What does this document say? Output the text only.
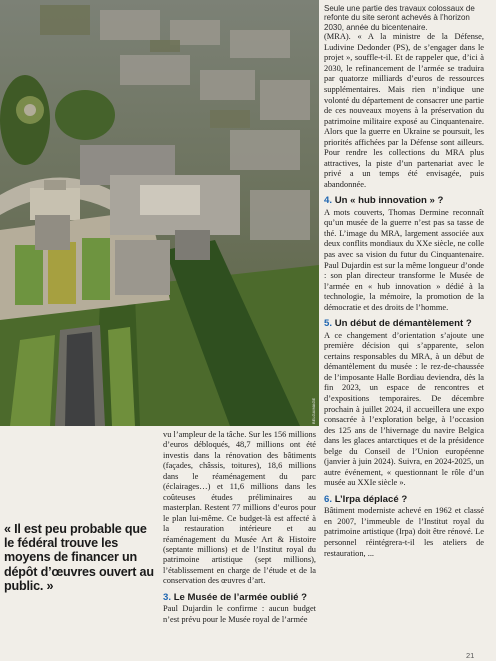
BELGAIMAGE

Seule une partie des travaux colossaux de refonte du site seront achevés à l’horizon 2030, année du bicentenaire.

(MRA). « A la ministre de la Défense, Ludivine Dedonder (PS), de s’engager dans le projet », souffle-t-il. Et de rappeler que, d’ici à 2030, le refinancement de l’armée se traduira par quatorze milliards d’euros de ressources supplémentaires. Mais rien n’indique une volonté du département de consacrer une partie de ces nouveaux moyens à la préservation du patrimoine militaire exposé au Cinquantenaire. Alors que la guerre en Ukraine se poursuit, les priorités affichées par la Défense sont ailleurs. Pour rendre les collections du MRA plus attractives, la piste d’un partenariat avec le privé a un temps été envisagée, puis abandonnée.

4. Un « hub innovation » ?

A mots couverts, Thomas Dermine reconnaît qu’un musée de la guerre n’est pas sa tasse de thé. L’image du MRA, largement associée aux deux conflits mondiaux du XXe siècle, ne colle pas avec sa vision du futur du Cinquantenaire. Paul Dujardin est sur la même longueur d’onde : son plan directeur transforme le Musée de l’armée en « hub innovation » dédié à la technologie, la mémoire, la promotion de la démocratie et des droits de l’homme.

5. Un début de démantèlement ?

A ce changement d’orientation s’ajoute une première décision qui s’apparente, selon certains responsables du MRA, à un début de démantèlement du musée : le rez-de-chaussée de l’imposante Halle Bordiau deviendra, dès la fin 2023, un espace de rencontres et d’expositions temporaires. De décembre prochain à juillet 2024, il accueillera une expo consacrée à l’exploration belge, à l’occasion des 125 ans de l’hivernage du navire Belgica dans les glaces antarctiques et de la présidence belge du Conseil de l’Union européenne (janvier à juin 2024). Suivra, en 2024-2025, un autre événement, « questionnant le rôle d’un musée au XXIe siècle ».

6. L’Irpa déplacé ?

Bâtiment moderniste achevé en 1962 et classé en 2007, l’immeuble de l’Institut royal du patrimoine artistique (Irpa) doit être rénové. Le personnel réintégrera-t-il les ateliers de restauration, ...

« Il est peu probable que le fédéral trouve les moyens de financer un dépôt d’œuvres ouvert au public. »

vu l’ampleur de la tâche. Sur les 156 millions d’euros débloqués, 48,7 millions ont été investis dans la rénovation des bâtiments (façades, châssis, toitures), 18,6 millions dans le réaménagement du parc (éclairages…) et 11,6 millions dans les coûteuses études préliminaires au masterplan. Restent 77 millions d’euros pour le plan lui-même. Ce budget-là est affecté à la restauration intérieure et au réaménagement du Musée Art & Histoire (septante millions) et de l’Institut royal du patrimoine artistique (sept millions), l’établissement en charge de l’étude et de la conservation des œuvres d’art.

3. Le Musée de l’armée oublié ?

Paul Dujardin le confirme : aucun budget n’est prévu pour le Musée royal de l’armée

21
